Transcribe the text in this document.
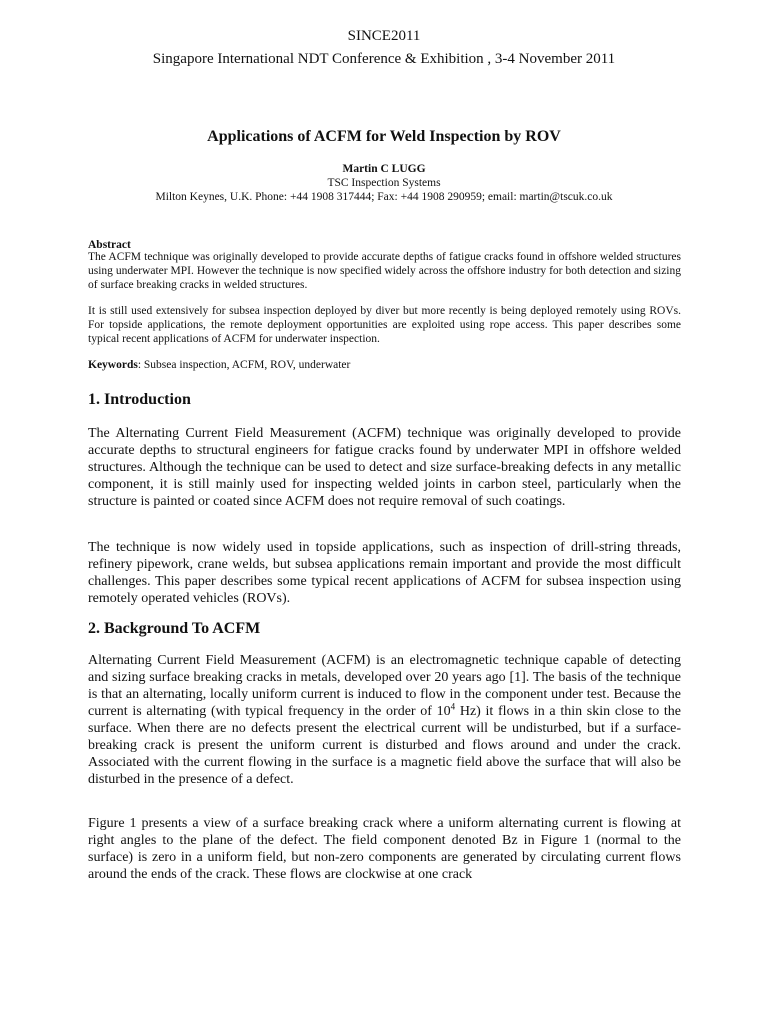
SINCE2011
Singapore International NDT Conference & Exhibition , 3-4 November 2011
Applications of ACFM for Weld Inspection by ROV
Martin C LUGG
TSC Inspection Systems
Milton Keynes, U.K. Phone: +44 1908 317444; Fax: +44 1908 290959; email: martin@tscuk.co.uk
Abstract
The ACFM technique was originally developed to provide accurate depths of fatigue cracks found in offshore welded structures using underwater MPI. However the technique is now specified widely across the offshore industry for both detection and sizing of surface breaking cracks in welded structures.
It is still used extensively for subsea inspection deployed by diver but more recently is being deployed remotely using ROVs. For topside applications, the remote deployment opportunities are exploited using rope access. This paper describes some typical recent applications of ACFM for underwater inspection.
Keywords: Subsea inspection, ACFM, ROV, underwater
1. Introduction
The Alternating Current Field Measurement (ACFM) technique was originally developed to provide accurate depths to structural engineers for fatigue cracks found by underwater MPI in offshore welded structures. Although the technique can be used to detect and size surface-breaking defects in any metallic component, it is still mainly used for inspecting welded joints in carbon steel, particularly when the structure is painted or coated since ACFM does not require removal of such coatings.
The technique is now widely used in topside applications, such as inspection of drill-string threads, refinery pipework, crane welds, but subsea applications remain important and provide the most difficult challenges. This paper describes some typical recent applications of ACFM for subsea inspection using remotely operated vehicles (ROVs).
2. Background To ACFM
Alternating Current Field Measurement (ACFM) is an electromagnetic technique capable of detecting and sizing surface breaking cracks in metals, developed over 20 years ago [1]. The basis of the technique is that an alternating, locally uniform current is induced to flow in the component under test. Because the current is alternating (with typical frequency in the order of $10^4$ Hz) it flows in a thin skin close to the surface. When there are no defects present the electrical current will be undisturbed, but if a surface-breaking crack is present the uniform current is disturbed and flows around and under the crack. Associated with the current flowing in the surface is a magnetic field above the surface that will also be disturbed in the presence of a defect.
Figure 1 presents a view of a surface breaking crack where a uniform alternating current is flowing at right angles to the plane of the defect. The field component denoted Bz in Figure 1 (normal to the surface) is zero in a uniform field, but non-zero components are generated by circulating current flows around the ends of the crack. These flows are clockwise at one crack
